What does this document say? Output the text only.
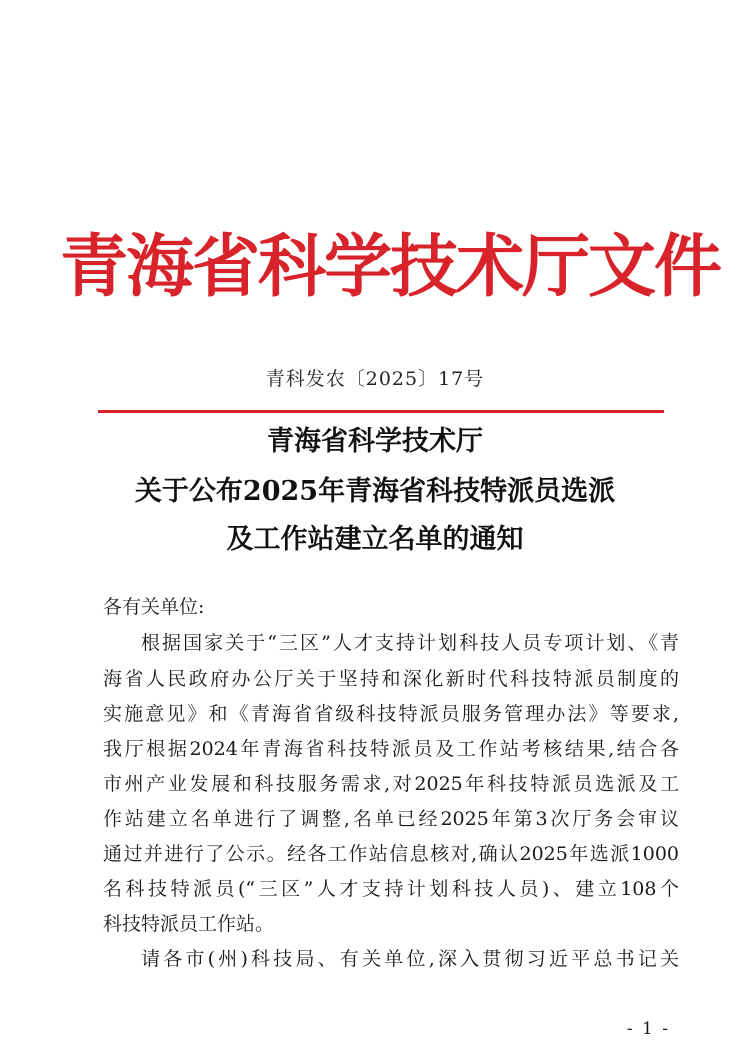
青海省科学技术厅文件
青科发农〔2025〕17号
青海省科学技术厅
关于公布2025年青海省科技特派员选派
及工作站建立名单的通知
各有关单位:
根据国家关于“三区”人才支持计划科技人员专项计划、《青
海省人民政府办公厅关于坚持和深化新时代科技特派员制度的
实施意见》和《青海省省级科技特派员服务管理办法》等要求,
我厅根据2024年青海省科技特派员及工作站考核结果,结合各
市州产业发展和科技服务需求,对2025年科技特派员选派及工
作站建立名单进行了调整,名单已经2025年第3次厅务会审议
通过并进行了公示。经各工作站信息核对,确认2025年选派1000
名科技特派员(“三区”人才支持计划科技人员)、建立108个
科技特派员工作站。
请各市(州)科技局、有关单位,深入贯彻习近平总书记关
- 1 -
